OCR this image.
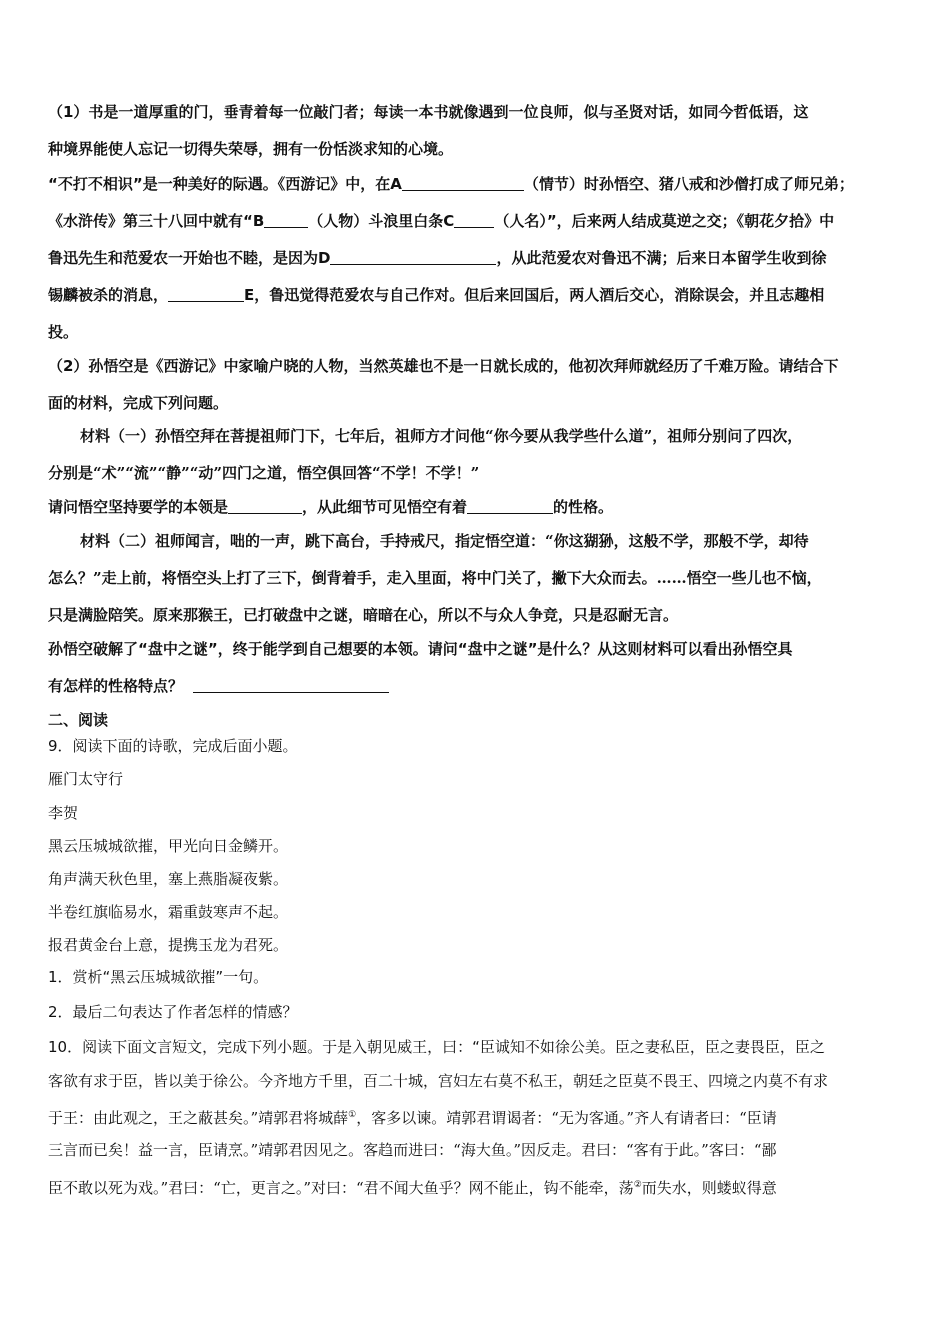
（1）书是一道厚重的门，垂青着每一位敲门者；每读一本书就像遇到一位良师，似与圣贤对话，如同今哲低语，这
种境界能使人忘记一切得失荣辱，拥有一份恬淡求知的心境。
“不打不相识”是一种美好的际遇。《西游记》中，在A	（情节）时孙悟空、猪八戒和沙僧打成了师兄弟；
《水浒传》第三十八回中就有“B	（人物）斗浪里白条C	（人名）”，后来两人结成莫逆之交；《朝花夕拾》中
鲁迅先生和范爱农一开始也不睦，是因为D	，从此范爱农对鲁迅不满；后来日本留学生收到徐
锡麟被杀的消息，	E，鲁迅觉得范爱农与自己作对。但后来回国后，两人酒后交心，消除误会，并且志趣相
投。
（2）孙悟空是《西游记》中家喻户晓的人物，当然英雄也不是一日就长成的，他初次拜师就经历了千难万险。请结合下
面的材料，完成下列问题。
材料（一）孙悟空拜在菩提祖师门下，七年后，祖师方才问他“你今要从我学些什么道”，祖师分别问了四次，
分别是“术”“流”“静”“动”四门之道，悟空俱回答“不学！不学！”
请问悟空坚持要学的本领是	，从此细节可见悟空有着	的性格。
材料（二）祖师闻言，咄的一声，跳下高台，手持戒尺，指定悟空道：“你这猢狲，这般不学，那般不学，却待
怎么？”走上前，将悟空头上打了三下，倒背着手，走入里面，将中门关了，撇下大众而去。……悟空一些儿也不恼，
只是满脸陪笑。原来那猴王，已打破盘中之谜，暗暗在心，所以不与众人争竞，只是忍耐无言。
孙悟空破解了“盘中之谜”，终于能学到自己想要的本领。请问“盘中之谜”是什么？从这则材料可以看出孙悟空具
有怎样的性格特点？
二、阅读
9．阅读下面的诗歌，完成后面小题。
雁门太守行
李贺
黑云压城城欲摧，甲光向日金鳞开。
角声满天秋色里，塞上燕脂凝夜紫。
半卷红旗临易水，霜重鼓寒声不起。
报君黄金台上意，提携玉龙为君死。
1．赏析“黑云压城城欲摧”一句。
2．最后二句表达了作者怎样的情感？
10．阅读下面文言短文，完成下列小题。于是入朝见威王，曰：“臣诚知不如徐公美。臣之妻私臣，臣之妻畏臣，臣之
客欲有求于臣，皆以美于徐公。今齐地方千里，百二十城，宫妇左右莫不私王，朝廷之臣莫不畏王、四境之内莫不有求
于王：由此观之，王之蔽甚矣。”靖郭君将城薛①，客多以谏。靖郭君谓谒者：“无为客通。”齐人有请者曰：“臣请
三言而已矣！益一言，臣请烹。”靖郭君因见之。客趋而进曰：“海大鱼。”因反走。君曰：“客有于此。”客曰：“鄙
臣不敢以死为戏。”君曰：“亡，更言之。”对曰：“君不闻大鱼乎？网不能止，钩不能牵，荡②而失水，则蝼蚁得意
